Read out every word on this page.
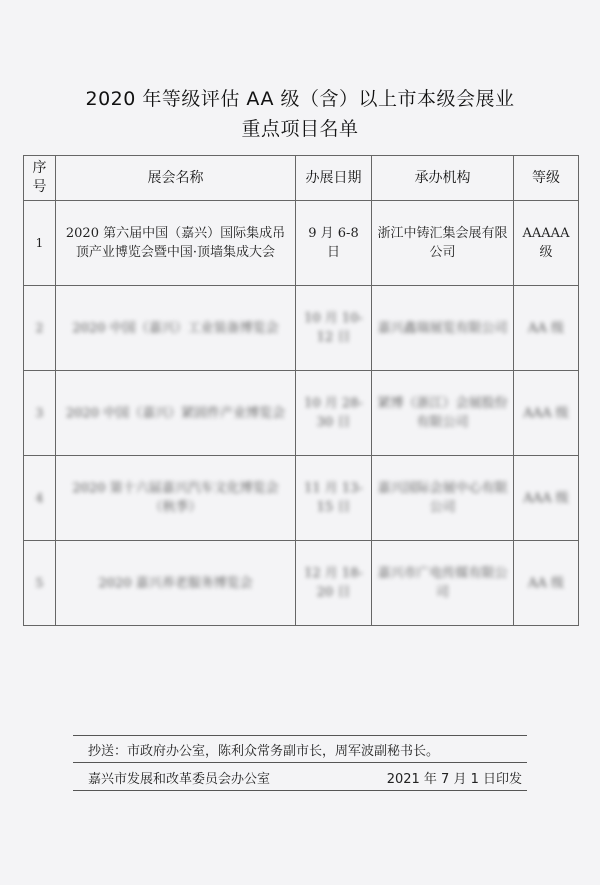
2020 年等级评估 AA 级（含）以上市本级会展业
重点项目名单
序号	展会名称	办展日期	承办机构	等级
1	2020 第六届中国（嘉兴）国际集成吊顶产业博览会暨中国·顶墙集成大会	9 月 6-8 日	浙江中铸汇集会展有限公司	AAAAA 级
2	2020 中国（嘉兴）工业装备博览会	10 月 10-12 日	嘉兴鑫瑞展览有限公司	AA 级
3	2020 中国（嘉兴）紧固件产业博览会	10 月 28-30 日	紧博（浙江）会展股份有限公司	AAA 级
4	2020 第十六届嘉兴汽车文化博览会（秋季）	11 月 13-15 日	嘉兴国际会展中心有限公司	AAA 级
5	2020 嘉兴养老服务博览会	12 月 18-20 日	嘉兴市广电传媒有限公司	AA 级
抄送：市政府办公室，陈利众常务副市长，周军波副秘书长。
嘉兴市发展和改革委员会办公室	2021 年 7 月 1 日印发
